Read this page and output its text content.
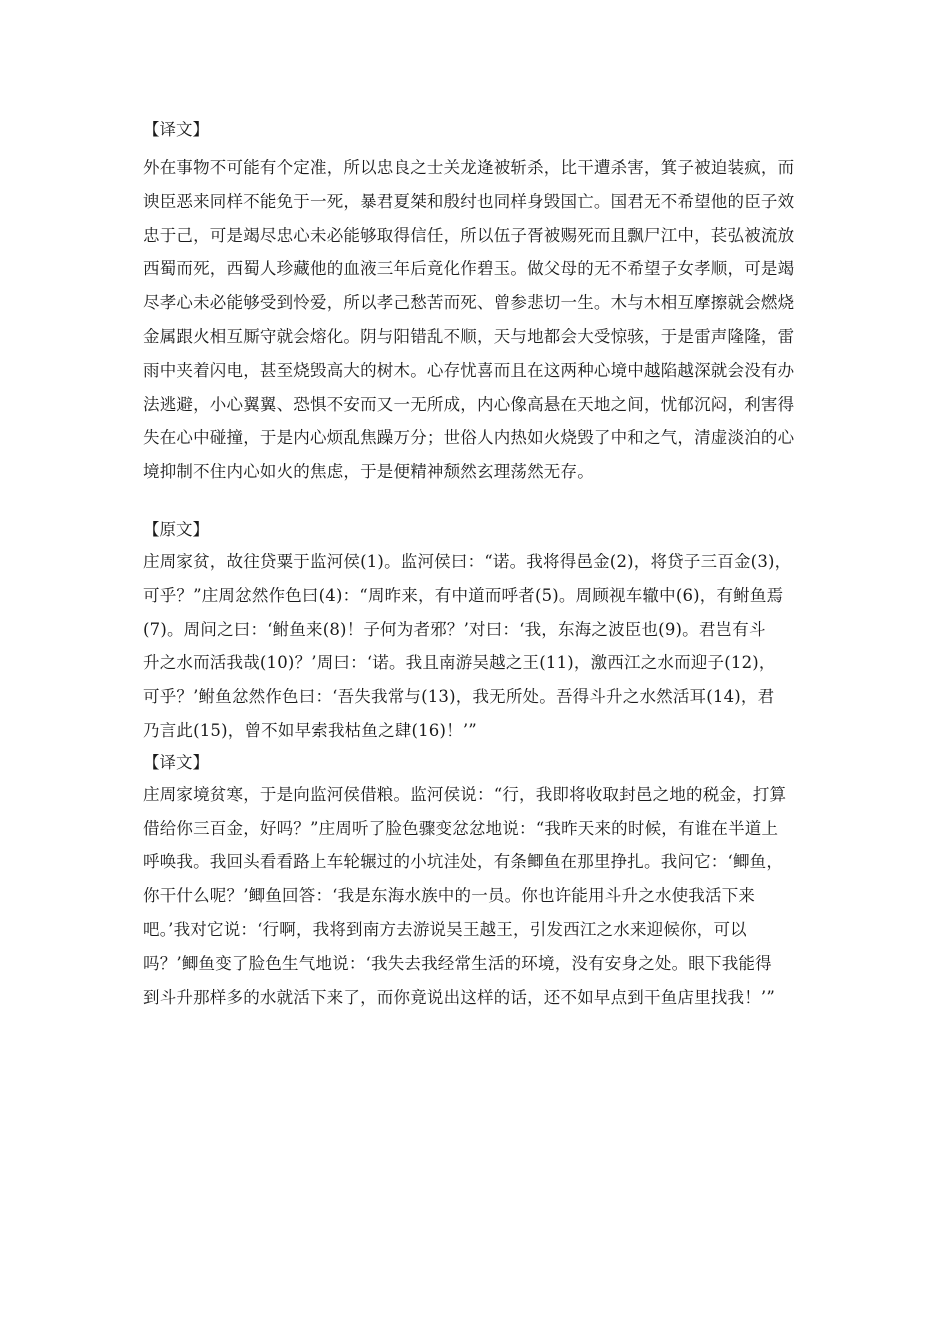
【译文】
外在事物不可能有个定准，所以忠良之士关龙逄被斩杀，比干遭杀害，箕子被迫装疯，而
谀臣恶来同样不能免于一死，暴君夏桀和殷纣也同样身毁国亡。国君无不希望他的臣子效
忠于己，可是竭尽忠心未必能够取得信任，所以伍子胥被赐死而且飘尸江中，苌弘被流放
西蜀而死，西蜀人珍藏他的血液三年后竟化作碧玉。做父母的无不希望子女孝顺，可是竭
尽孝心未必能够受到怜爱，所以孝己愁苦而死、曾参悲切一生。木与木相互摩擦就会燃烧
金属跟火相互厮守就会熔化。阴与阳错乱不顺，天与地都会大受惊骇，于是雷声隆隆，雷
雨中夹着闪电，甚至烧毁高大的树木。心存忧喜而且在这两种心境中越陷越深就会没有办
法逃避，小心翼翼、恐惧不安而又一无所成，内心像高悬在天地之间，忧郁沉闷，利害得
失在心中碰撞，于是内心烦乱焦躁万分；世俗人内热如火烧毁了中和之气，清虚淡泊的心
境抑制不住内心如火的焦虑，于是便精神颓然玄理荡然无存。
【原文】
庄周家贫，故往贷粟于监河侯(1)。监河侯曰：“诺。我将得邑金(2)，将贷子三百金(3)，
可乎？”庄周忿然作色曰(4)：“周昨来，有中道而呼者(5)。周顾视车辙中(6)，有鲋鱼焉
(7)。周问之曰：‘鲋鱼来(8)！子何为者邪？’对曰：‘我，东海之波臣也(9)。君岂有斗
升之水而活我哉(10)？’周曰：‘诺。我且南游吴越之王(11)，激西江之水而迎子(12)，
可乎？’鲋鱼忿然作色曰：‘吾失我常与(13)，我无所处。吾得斗升之水然活耳(14)，君
乃言此(15)，曾不如早索我枯鱼之肆(16)！’”
【译文】
庄周家境贫寒，于是向监河侯借粮。监河侯说：“行，我即将收取封邑之地的税金，打算
借给你三百金，好吗？”庄周听了脸色骤变忿忿地说：“我昨天来的时候，有谁在半道上
呼唤我。我回头看看路上车轮辗过的小坑洼处，有条鲫鱼在那里挣扎。我问它：‘鲫鱼，
你干什么呢？’鲫鱼回答：‘我是东海水族中的一员。你也许能用斗升之水使我活下来
吧。’我对它说：‘行啊，我将到南方去游说吴王越王，引发西江之水来迎候你，可以
吗？’鲫鱼变了脸色生气地说：‘我失去我经常生活的环境，没有安身之处。眼下我能得
到斗升那样多的水就活下来了，而你竟说出这样的话，还不如早点到干鱼店里找我！’”
